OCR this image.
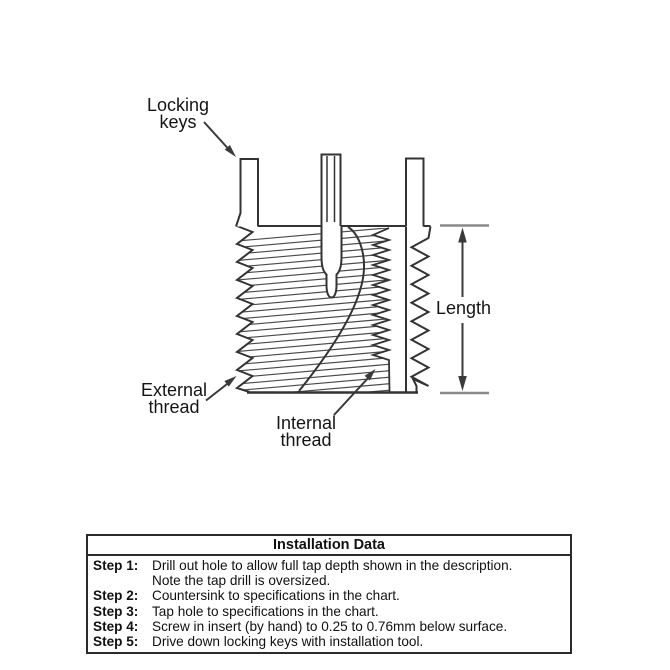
Locking
keys
Length
External
thread
Internal
thread
Installation Data
Step 1:	Drill out hole to allow full tap depth shown in the description.
Note the tap drill is oversized.
Step 2:	Countersink to specifications in the chart.
Step 3:	Tap hole to specifications in the chart.
Step 4:	Screw in insert (by hand) to 0.25 to 0.76mm below surface.
Step 5:	Drive down locking keys with installation tool.
